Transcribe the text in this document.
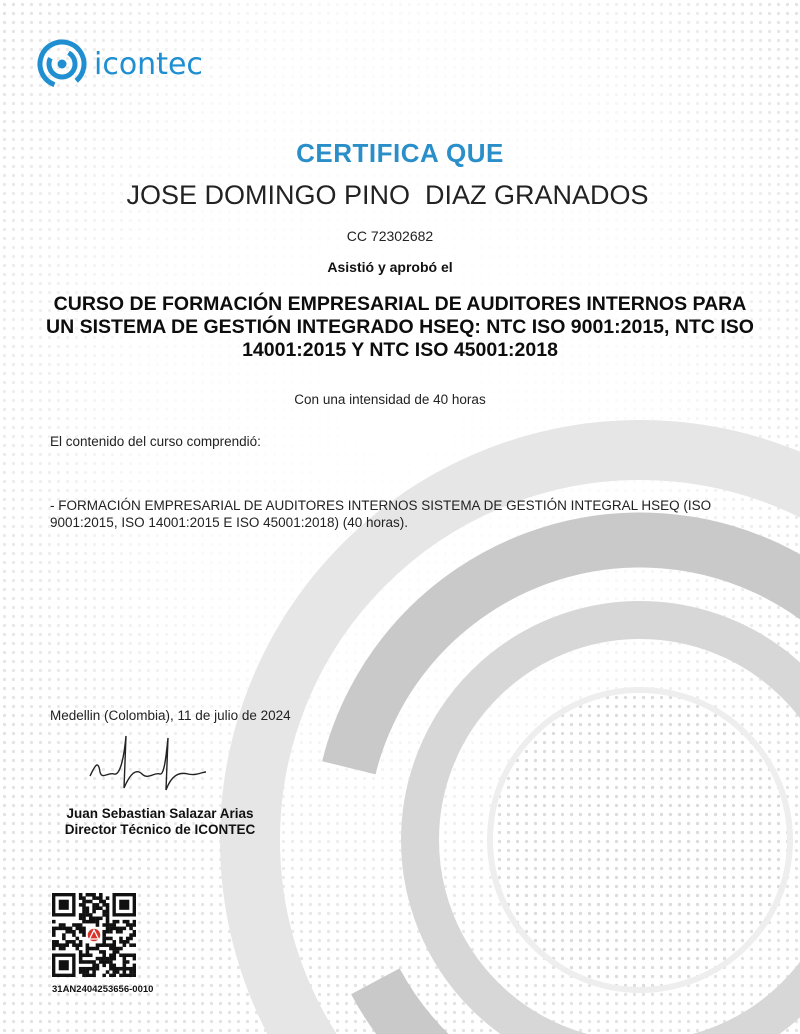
icontec
CERTIFICA QUE
JOSE DOMINGO PINO  DIAZ GRANADOS
CC 72302682
Asistió y aprobó el
CURSO DE FORMACIÓN EMPRESARIAL DE AUDITORES INTERNOS PARA UN SISTEMA DE GESTIÓN INTEGRADO HSEQ: NTC ISO 9001:2015, NTC ISO 14001:2015 Y NTC ISO 45001:2018
Con una intensidad de 40 horas
El contenido del curso comprendió:
- FORMACIÓN EMPRESARIAL DE AUDITORES INTERNOS SISTEMA DE GESTIÓN INTEGRAL HSEQ (ISO 9001:2015, ISO 14001:2015 E ISO 45001:2018) (40 horas).
Medellin (Colombia), 11 de julio de 2024
Juan Sebastian Salazar Arias
Director Técnico de ICONTEC
31AN2404253656-0010
